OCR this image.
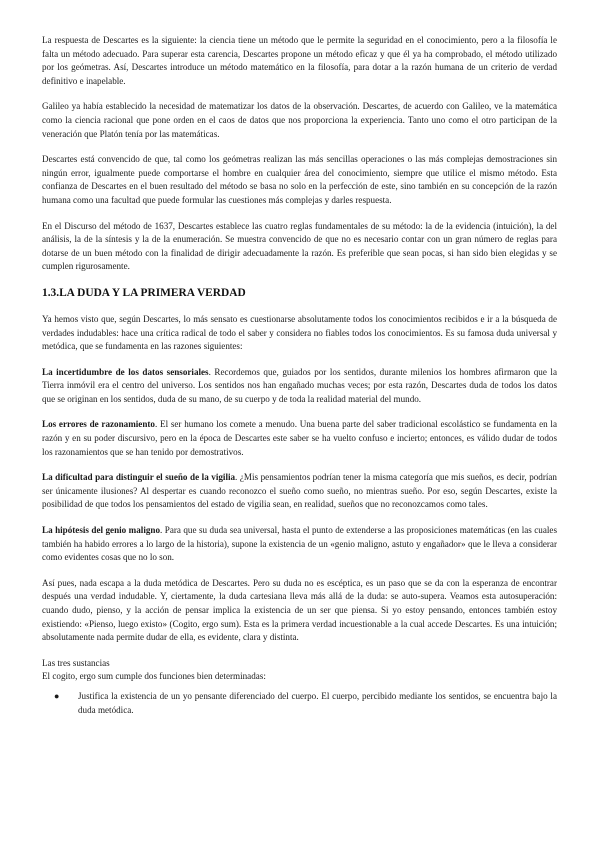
La respuesta de Descartes es la siguiente: la ciencia tiene un método que le permite la seguridad en el conocimiento, pero a la filosofía le falta un método adecuado. Para superar esta carencia, Descartes propone un método eficaz y que él ya ha comprobado, el método utilizado por los geómetras. Así, Descartes introduce un método matemático en la filosofía, para dotar a la razón humana de un criterio de verdad definitivo e inapelable.

Galileo ya había establecido la necesidad de matematizar los datos de la observación. Descartes, de acuerdo con Galileo, ve la matemática como la ciencia racional que pone orden en el caos de datos que nos proporciona la experiencia. Tanto uno como el otro participan de la veneración que Platón tenía por las matemáticas.

Descartes está convencido de que, tal como los geómetras realizan las más sencillas operaciones o las más complejas demostraciones sin ningún error, igualmente puede comportarse el hombre en cualquier área del conocimiento, siempre que utilice el mismo método. Esta confianza de Descartes en el buen resultado del método se basa no solo en la perfección de este, sino también en su concepción de la razón humana como una facultad que puede formular las cuestiones más complejas y darles respuesta.

En el Discurso del método de 1637, Descartes establece las cuatro reglas fundamentales de su método: la de la evidencia (intuición), la del análisis, la de la síntesis y la de la enumeración. Se muestra convencido de que no es necesario contar con un gran número de reglas para dotarse de un buen método con la finalidad de dirigir adecuadamente la razón. Es preferible que sean pocas, si han sido bien elegidas y se cumplen rigurosamente.

1.3.LA DUDA Y LA PRIMERA VERDAD

Ya hemos visto que, según Descartes, lo más sensato es cuestionarse absolutamente todos los conocimientos recibidos e ir a la búsqueda de verdades indudables: hace una crítica radical de todo el saber y considera no fiables todos los conocimientos. Es su famosa duda universal y metódica, que se fundamenta en las razones siguientes:

La incertidumbre de los datos sensoriales. Recordemos que, guiados por los sentidos, durante milenios los hombres afirmaron que la Tierra inmóvil era el centro del universo. Los sentidos nos han engañado muchas veces; por esta razón, Descartes duda de todos los datos que se originan en los sentidos, duda de su mano, de su cuerpo y de toda la realidad material del mundo.

Los errores de razonamiento. El ser humano los comete a menudo. Una buena parte del saber tradicional escolástico se fundamenta en la razón y en su poder discursivo, pero en la época de Descartes este saber se ha vuelto confuso e incierto; entonces, es válido dudar de todos los razonamientos que se han tenido por demostrativos.

La dificultad para distinguir el sueño de la vigilia. ¿Mis pensamientos podrían tener la misma categoría que mis sueños, es decir, podrían ser únicamente ilusiones? Al despertar es cuando reconozco el sueño como sueño, no mientras sueño. Por eso, según Descartes, existe la posibilidad de que todos los pensamientos del estado de vigilia sean, en realidad, sueños que no reconozcamos como tales.

La hipótesis del genio maligno. Para que su duda sea universal, hasta el punto de extenderse a las proposiciones matemáticas (en las cuales también ha habido errores a lo largo de la historia), supone la existencia de un «genio maligno, astuto y engañador» que le lleva a considerar como evidentes cosas que no lo son.

Así pues, nada escapa a la duda metódica de Descartes. Pero su duda no es escéptica, es un paso que se da con la esperanza de encontrar después una verdad indudable. Y, ciertamente, la duda cartesiana lleva más allá de la duda: se auto-supera. Veamos esta autosuperación: cuando dudo, pienso, y la acción de pensar implica la existencia de un ser que piensa. Si yo estoy pensando, entonces también estoy existiendo: «Pienso, luego existo» (Cogito, ergo sum). Esta es la primera verdad incuestionable a la cual accede Descartes. Es una intuición; absolutamente nada permite dudar de ella, es evidente, clara y distinta.

Las tres sustancias

El cogito, ergo sum cumple dos funciones bien determinadas:

● Justifica la existencia de un yo pensante diferenciado del cuerpo. El cuerpo, percibido mediante los sentidos, se encuentra bajo la duda metódica.
